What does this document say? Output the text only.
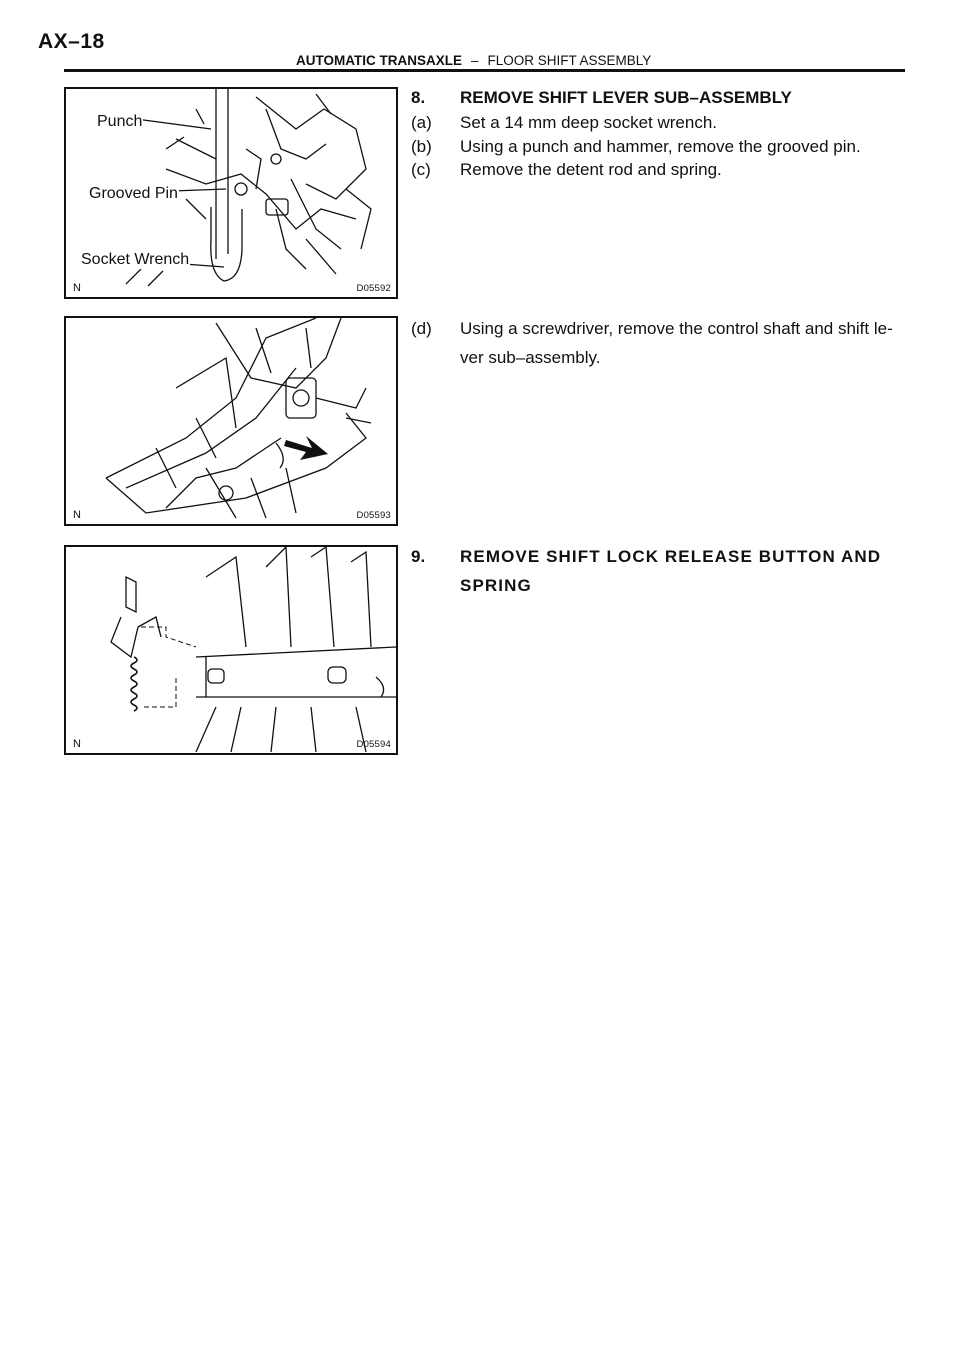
AX–18
AUTOMATIC TRANSAXLE – FLOOR SHIFT ASSEMBLY
Punch
Grooved Pin
Socket Wrench
N	D05592
N	D05593
N	D05594
8. REMOVE SHIFT LEVER SUB–ASSEMBLY
(a) Set a 14 mm deep socket wrench.
(b) Using a punch and hammer, remove the grooved pin.
(c) Remove the detent rod and spring.
(d) Using a screwdriver, remove the control shaft and shift le-ver sub–assembly.
9. REMOVE SHIFT LOCK RELEASE BUTTON AND SPRING
